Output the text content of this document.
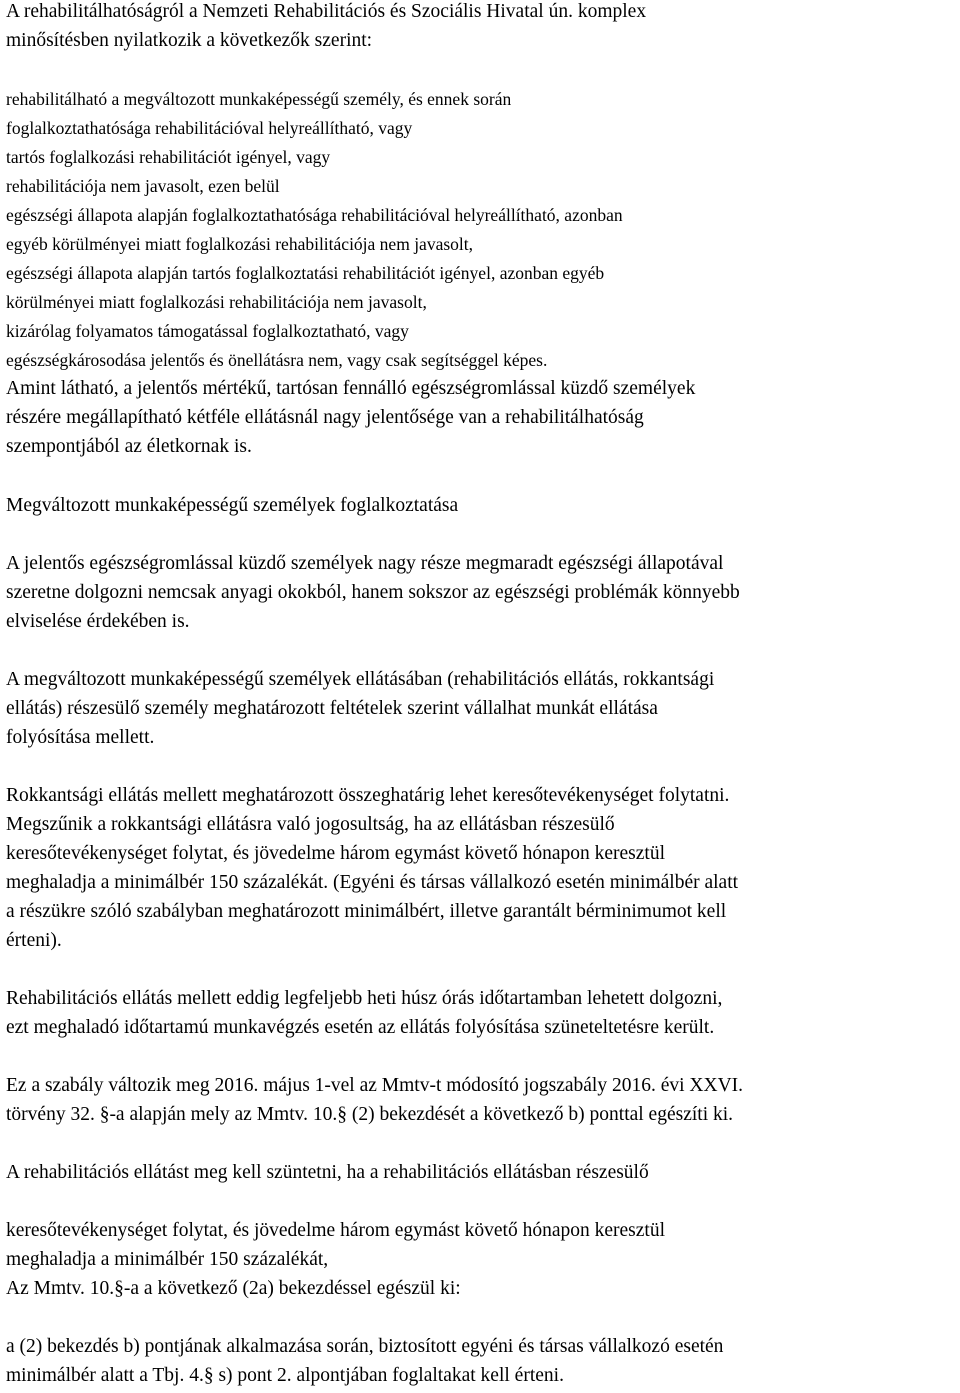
A rehabilitálhatóságról a Nemzeti Rehabilitációs és Szociális Hivatal ún. komplex
minősítésben nyilatkozik a következők szerint:
rehabilitálható a megváltozott munkaképességű személy, és ennek során
foglalkoztathatósága rehabilitációval helyreállítható, vagy
tartós foglalkozási rehabilitációt igényel, vagy
rehabilitációja nem javasolt, ezen belül
egészségi állapota alapján foglalkoztathatósága rehabilitációval helyreállítható, azonban
egyéb körülményei miatt foglalkozási rehabilitációja nem javasolt,
egészségi állapota alapján tartós foglalkoztatási rehabilitációt igényel, azonban egyéb
körülményei miatt foglalkozási rehabilitációja nem javasolt,
kizárólag folyamatos támogatással foglalkoztatható, vagy
egészségkárosodása jelentős és önellátásra nem, vagy csak segítséggel képes.
Amint látható, a jelentős mértékű, tartósan fennálló egészségromlással küzdő személyek
részére megállapítható kétféle ellátásnál nagy jelentősége van a rehabilitálhatóság
szempontjából az életkornak is.
Megváltozott munkaképességű személyek foglalkoztatása
A jelentős egészségromlással küzdő személyek nagy része megmaradt egészségi állapotával
szeretne dolgozni nemcsak anyagi okokból, hanem sokszor az egészségi problémák könnyebb
elviselése érdekében is.
A megváltozott munkaképességű személyek ellátásában (rehabilitációs ellátás, rokkantsági
ellátás) részesülő személy meghatározott feltételek szerint vállalhat munkát ellátása
folyósítása mellett.
Rokkantsági ellátás mellett meghatározott összeghatárig lehet keresőtevékenységet folytatni.
Megszűnik a rokkantsági ellátásra való jogosultság, ha az ellátásban részesülő
keresőtevékenységet folytat, és jövedelme három egymást követő hónapon keresztül
meghaladja a minimálbér 150 százalékát. (Egyéni és társas vállalkozó esetén minimálbér alatt
a részükre szóló szabályban meghatározott minimálbért, illetve garantált bérminimumot kell
érteni).
Rehabilitációs ellátás mellett eddig legfeljebb heti húsz órás időtartamban lehetett dolgozni,
ezt meghaladó időtartamú munkavégzés esetén az ellátás folyósítása szüneteltetésre került.
Ez a szabály változik meg 2016. május 1-vel az Mmtv-t módosító jogszabály 2016. évi XXVI.
törvény 32. §-a alapján mely az Mmtv. 10.§ (2) bekezdését a következő b) ponttal egészíti ki.
A rehabilitációs ellátást meg kell szüntetni, ha a rehabilitációs ellátásban részesülő
keresőtevékenységet folytat, és jövedelme három egymást követő hónapon keresztül
meghaladja a minimálbér 150 százalékát,
Az Mmtv. 10.§-a a következő (2a) bekezdéssel egészül ki:
a (2) bekezdés b) pontjának alkalmazása során, biztosított egyéni és társas vállalkozó esetén
minimálbér alatt a Tbj. 4.§ s) pont 2. alpontjában foglaltakat kell érteni.
